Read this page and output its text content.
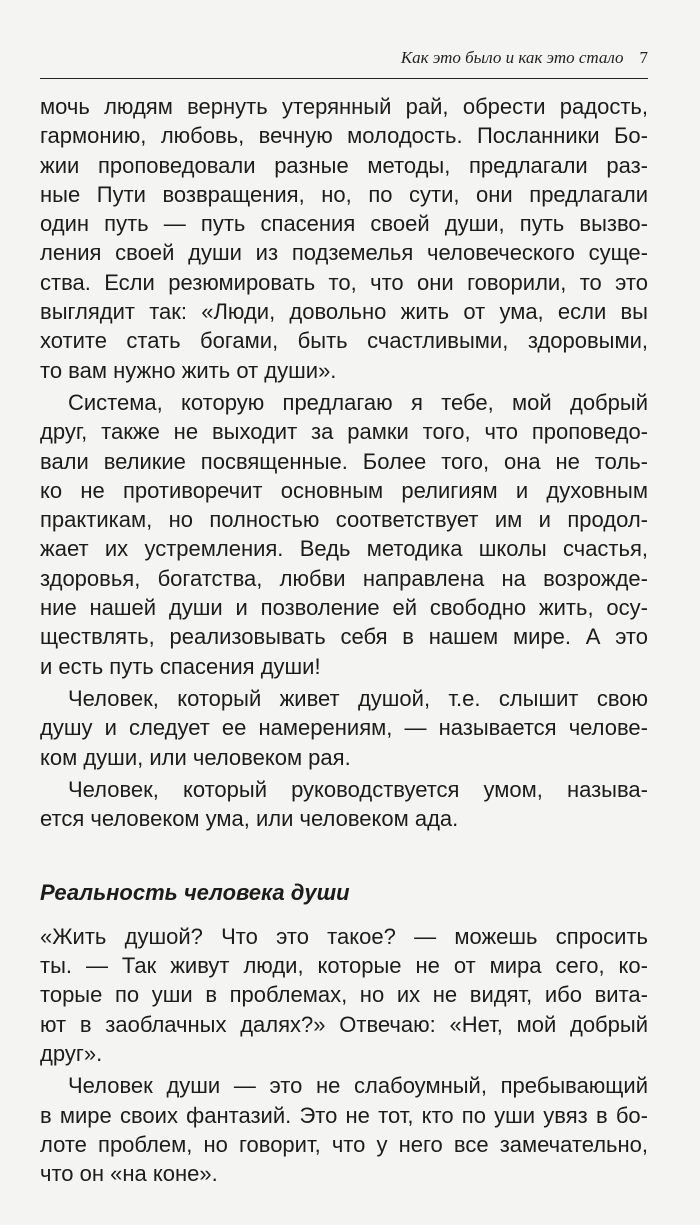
Как это было и как это стало 7

мочь людям вернуть утерянный рай, обрести радость,
гармонию, любовь, вечную молодость. Посланники Бо-
жии проповедовали разные методы, предлагали раз-
ные Пути возвращения, но, по сути, они предлагали
один путь — путь спасения своей души, путь вызво-
ления своей души из подземелья человеческого суще-
ства. Если резюмировать то, что они говорили, то это
выглядит так: «Люди, довольно жить от ума, если вы
хотите стать богами, быть счастливыми, здоровыми,
то вам нужно жить от души».

Система, которую предлагаю я тебе, мой добрый
друг, также не выходит за рамки того, что проповедо-
вали великие посвященные. Более того, она не толь-
ко не противоречит основным религиям и духовным
практикам, но полностью соответствует им и продол-
жает их устремления. Ведь методика школы счастья,
здоровья, богатства, любви направлена на возрожде-
ние нашей души и позволение ей свободно жить, осу-
ществлять, реализовывать себя в нашем мире. А это
и есть путь спасения души!

Человек, который живет душой, т.е. слышит свою
душу и следует ее намерениям, — называется челове-
ком души, или человеком рая.

Человек, который руководствуется умом, называ-
ется человеком ума, или человеком ада.

Реальность человека души

«Жить душой? Что это такое? — можешь спросить
ты. — Так живут люди, которые не от мира сего, ко-
торые по уши в проблемах, но их не видят, ибо вита-
ют в заоблачных далях?» Отвечаю: «Нет, мой добрый
друг».

Человек души — это не слабоумный, пребывающий
в мире своих фантазий. Это не тот, кто по уши увяз в бо-
лоте проблем, но говорит, что у него все замечательно,
что он «на коне».
